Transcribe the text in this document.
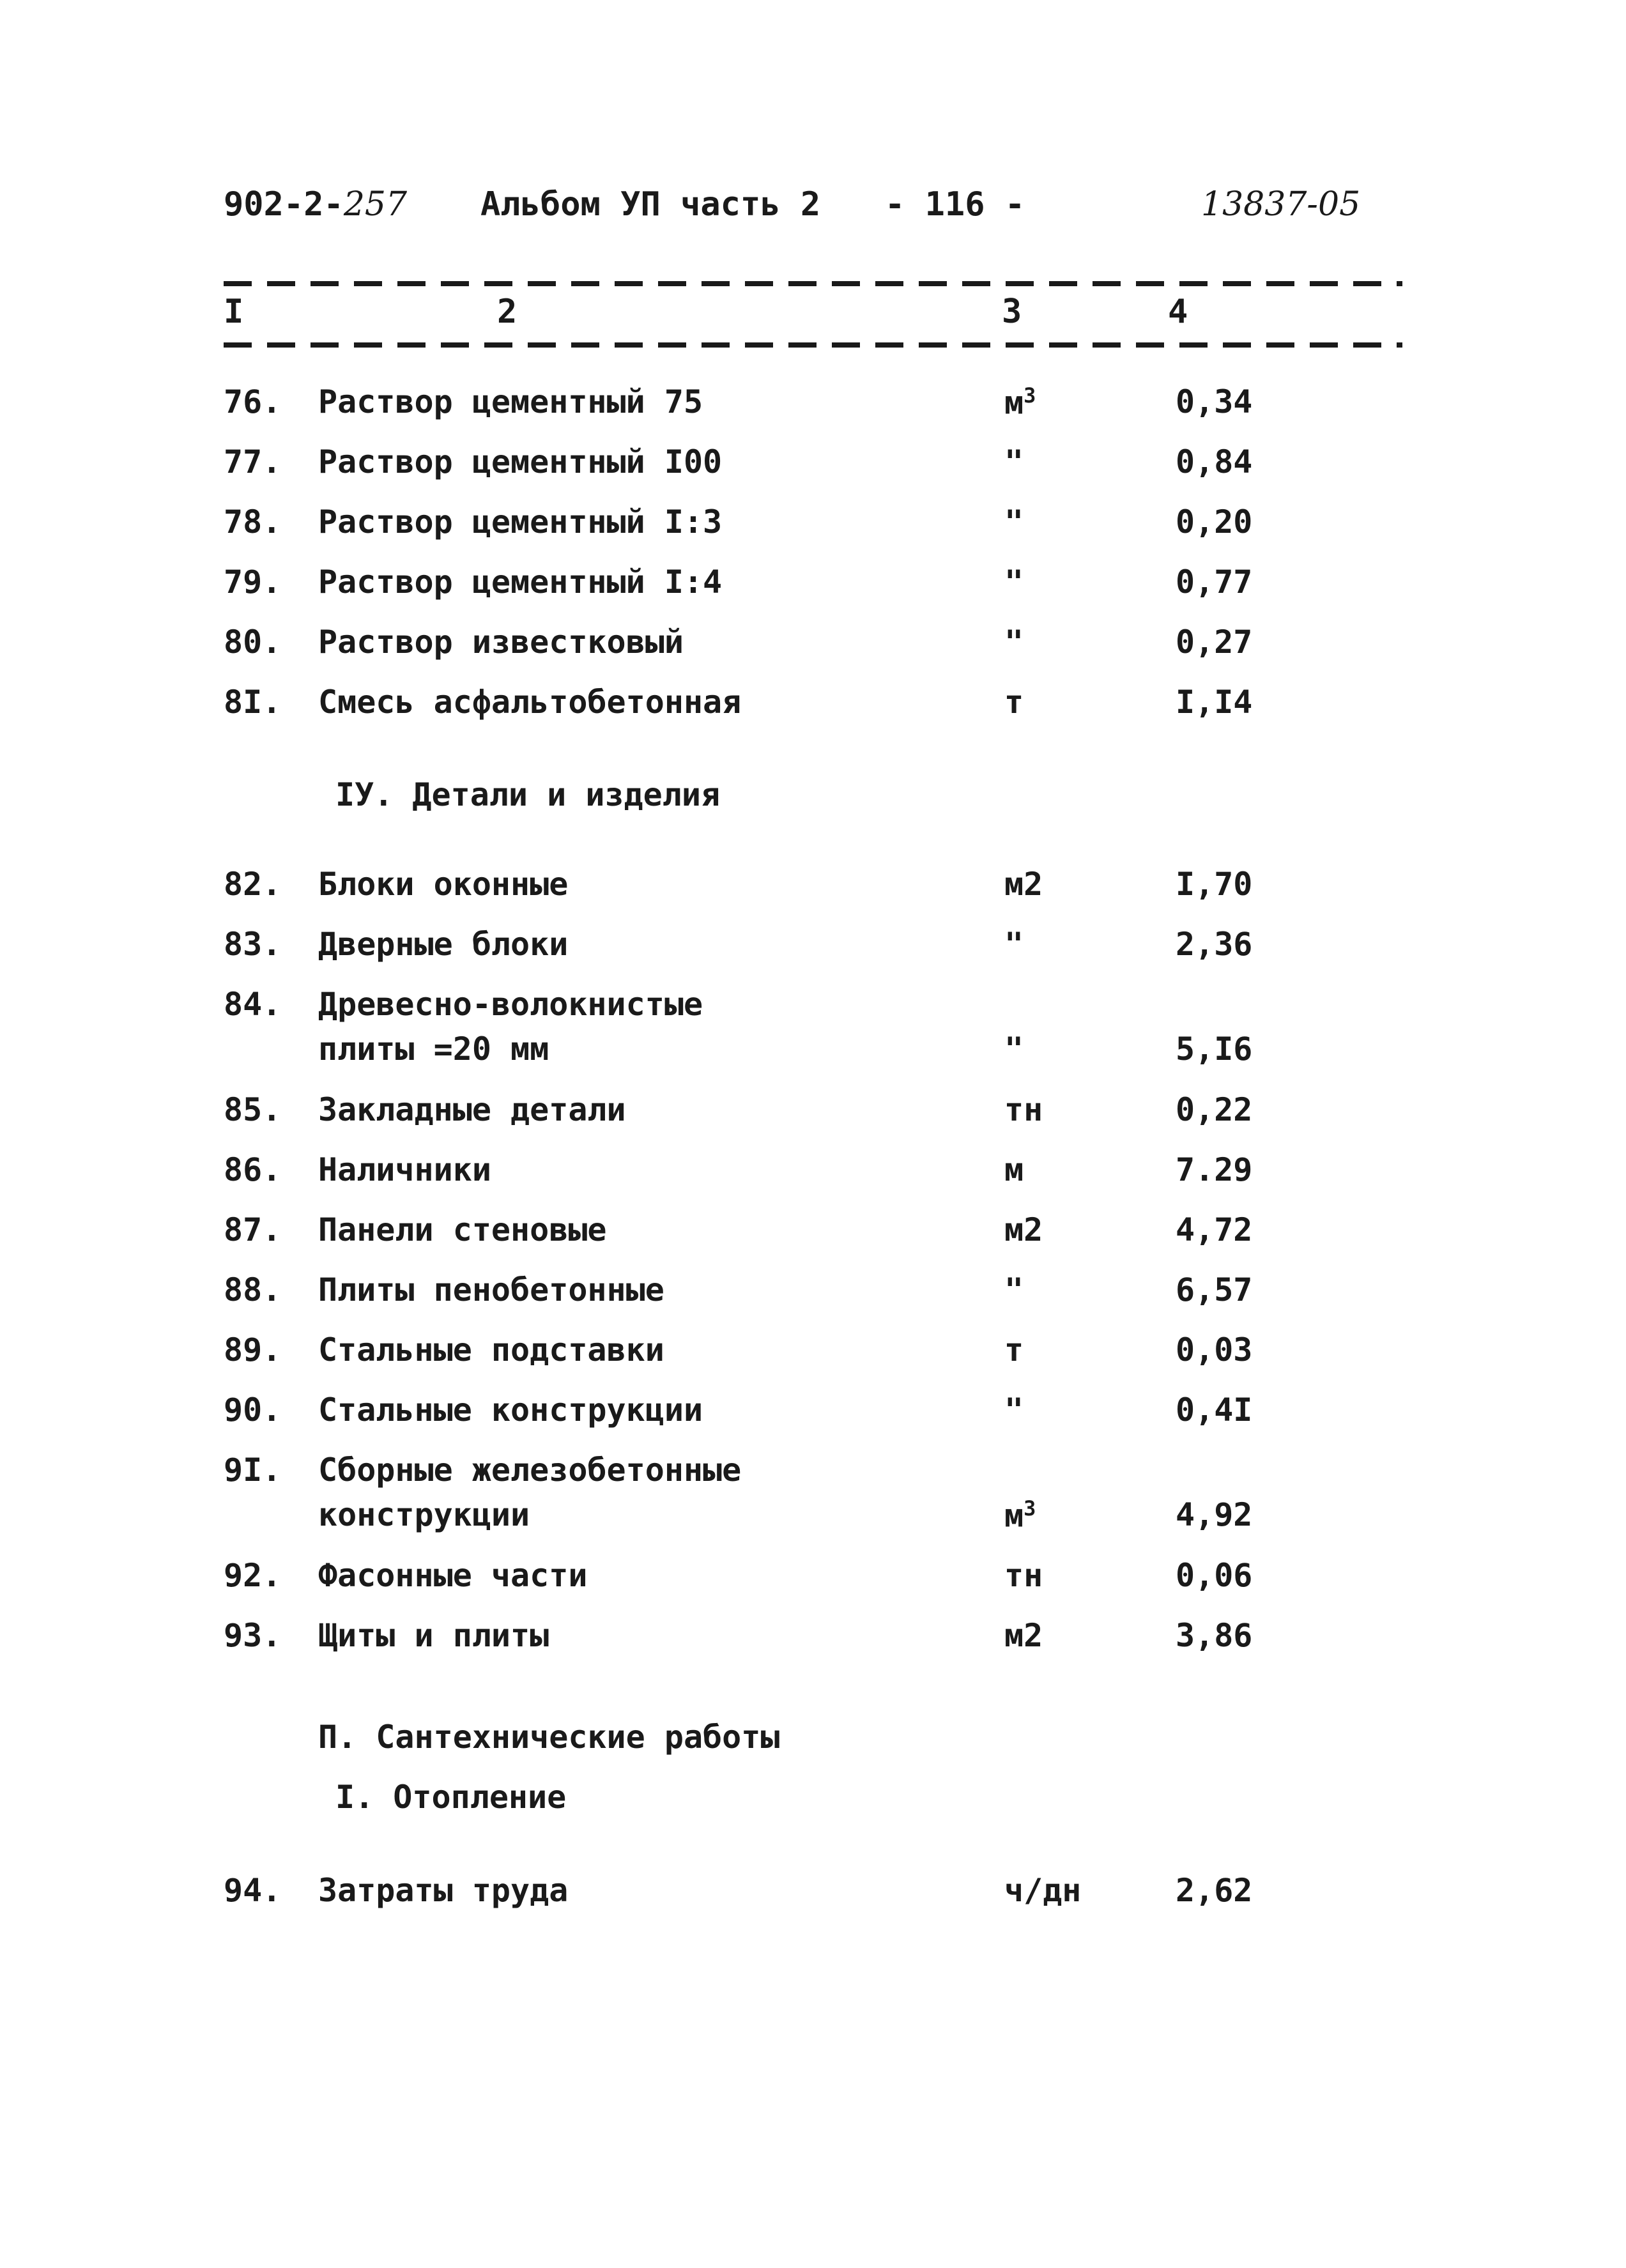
902-2-257 Альбом УП часть 2 - 116 -	13837-05
I	2	3	4
76. Раствор цементный 75	$м^3$	0,34
77. Раствор цементный I00	"	0,84
78. Раствор цементный I:3	"	0,20
79. Раствор цементный I:4	"	0,77
80. Раствор известковый	"	0,27
8I. Смесь асфальтобетонная	т	I,I4
IУ. Детали и изделия
82. Блоки оконные	м2	I,70
83. Дверные блоки	"	2,36
84. Древесно-волокнистые
плиты =20 мм	"	5,I6
85. Закладные детали	тн	0,22
86. Наличники	м	7.29
87. Панели стеновые	м2	4,72
88. Плиты пенобетонные	"	6,57
89. Стальные подставки	т	0,03
90. Стальные конструкции	"	0,4I
9I. Сборные железобетонные
конструкции	$м^3$	4,92
92. Фасонные части	тн	0,06
93. Щиты и плиты	м2	3,86
П. Сантехнические работы
I. Отопление
94. Затраты труда	ч/дн	2,62
